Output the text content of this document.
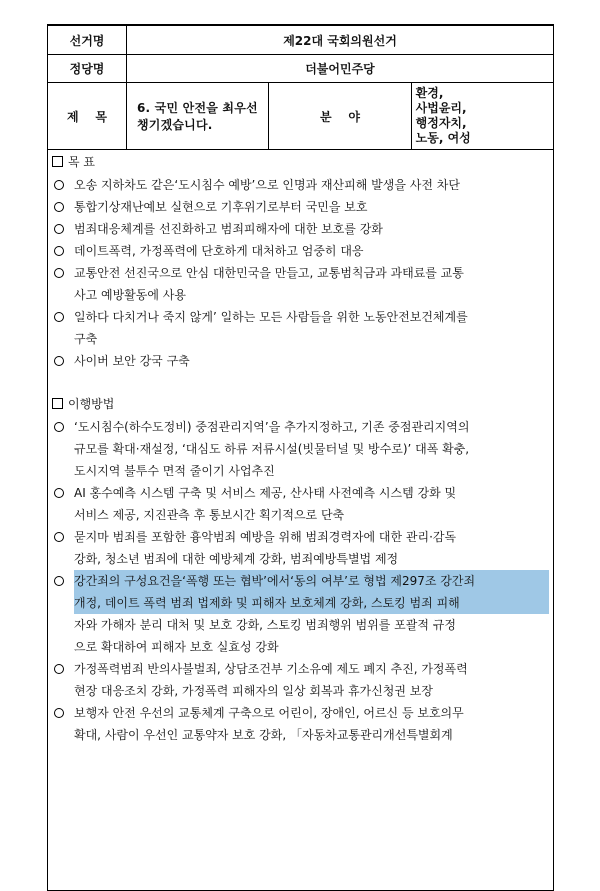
선거명	제22대 국회의원선거		
정당명	더불어민주당		
제    목	6. 국민 안전을 최우선 챙기겠습니다.	분    야	환경,
사법윤리,
행정자치,
노동, 여성
목 표
오송 지하차도 같은‘도시침수 예방’으로 인명과 재산피해 발생을 사전 차단
통합기상재난예보 실현으로 기후위기로부터 국민을 보호
범죄대응체계를 선진화하고 범죄피해자에 대한 보호를 강화
데이트폭력, 가정폭력에 단호하게 대처하고 엄중히 대응
교통안전 선진국으로 안심 대한민국을 만들고, 교통범칙금과 과태료를 교통
사고 예방활동에 사용
일하다 다치거나 죽지 않게’ 일하는 모든 사람들을 위한 노동안전보건체계를
구축
사이버 보안 강국 구축
이행방법
‘도시침수(하수도정비) 중점관리지역’을 추가지정하고, 기존 중점관리지역의
규모를 확대·재설정, ‘대심도 하류 저류시설(빗물터널 및 방수로)’ 대폭 확충,
도시지역 불투수 면적 줄이기 사업추진
AI 홍수예측 시스템 구축 및 서비스 제공, 산사태 사전예측 시스템 강화 및
서비스 제공, 지진관측 후 통보시간 획기적으로 단축
묻지마 범죄를 포함한 흉악범죄 예방을 위해 범죄경력자에 대한 관리·감독
강화, 청소년 범죄에 대한 예방체계 강화, 범죄예방특별법 제정
강간죄의 구성요건을‘폭행 또는 협박’에서‘동의 여부’로 형법 제297조 강간죄
개정, 데이트 폭력 범죄 법제화 및 피해자 보호체계 강화, 스토킹 범죄 피해
자와 가해자 분리 대처 및 보호 강화, 스토킹 범죄행위 범위를 포괄적 규정
으로 확대하여 피해자 보호 실효성 강화
가정폭력범죄 반의사불벌죄, 상담조건부 기소유예 제도 폐지 추진, 가정폭력
현장 대응조치 강화, 가정폭력 피해자의 일상 회복과 휴가신청권 보장
보행자 안전 우선의 교통체계 구축으로 어린이, 장애인, 어르신 등 보호의무
확대, 사람이 우선인 교통약자 보호 강화, 「자동차교통관리개선특별회계
